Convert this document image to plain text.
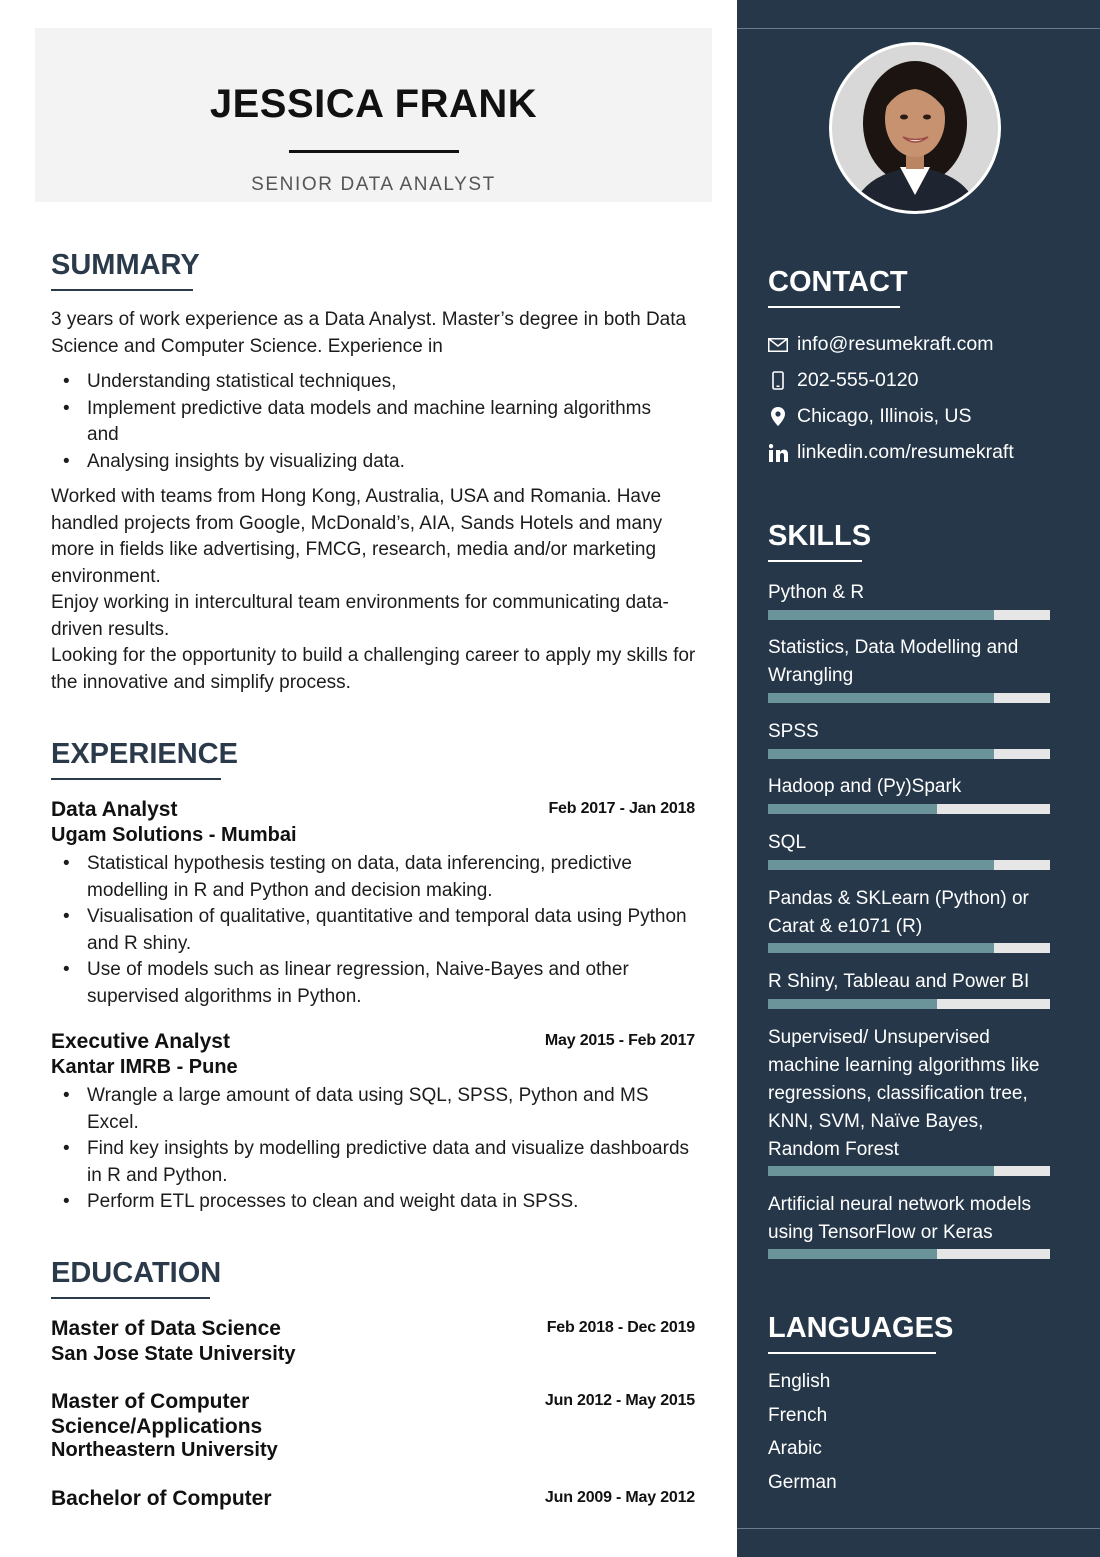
JESSICA FRANK
SENIOR DATA ANALYST
SUMMARY
3 years of work experience as a Data Analyst. Master’s degree in both Data Science and Computer Science. Experience in
• Understanding statistical techniques,
• Implement predictive data models and machine learning algorithms and
• Analysing insights by visualizing data.
Worked with teams from Hong Kong, Australia, USA and Romania. Have handled projects from Google, McDonald’s, AIA, Sands Hotels and many more in fields like advertising, FMCG, research, media and/or marketing environment.
Enjoy working in intercultural team environments for communicating data-driven results.
Looking for the opportunity to build a challenging career to apply my skills for the innovative and simplify process.
EXPERIENCE
Data Analyst	Feb 2017 - Jan 2018
Ugam Solutions - Mumbai
• Statistical hypothesis testing on data, data inferencing, predictive modelling in R and Python and decision making.
• Visualisation of qualitative, quantitative and temporal data using Python and R shiny.
• Use of models such as linear regression, Naive-Bayes and other supervised algorithms in Python.
Executive Analyst	May 2015 - Feb 2017
Kantar IMRB - Pune
• Wrangle a large amount of data using SQL, SPSS, Python and MS Excel.
• Find key insights by modelling predictive data and visualize dashboards in R and Python.
• Perform ETL processes to clean and weight data in SPSS.
EDUCATION
Master of Data Science	Feb 2018 - Dec 2019
San Jose State University
Master of Computer Science/Applications
Jun 2012 - May 2015
Northeastern University
Bachelor of Computer	Jun 2009 - May 2012
CONTACT
info@resumekraft.com
202-555-0120
Chicago, Illinois, US
linkedin.com/resumekraft
SKILLS
Python & R
Statistics, Data Modelling and Wrangling
SPSS
Hadoop and (Py)Spark
SQL
Pandas & SKLearn (Python) or Carat & e1071 (R)
R Shiny, Tableau and Power BI
Supervised/ Unsupervised machine learning algorithms like regressions, classification tree, KNN, SVM, Naïve Bayes, Random Forest
Artificial neural network models using TensorFlow or Keras
LANGUAGES
English
French
Arabic
German
